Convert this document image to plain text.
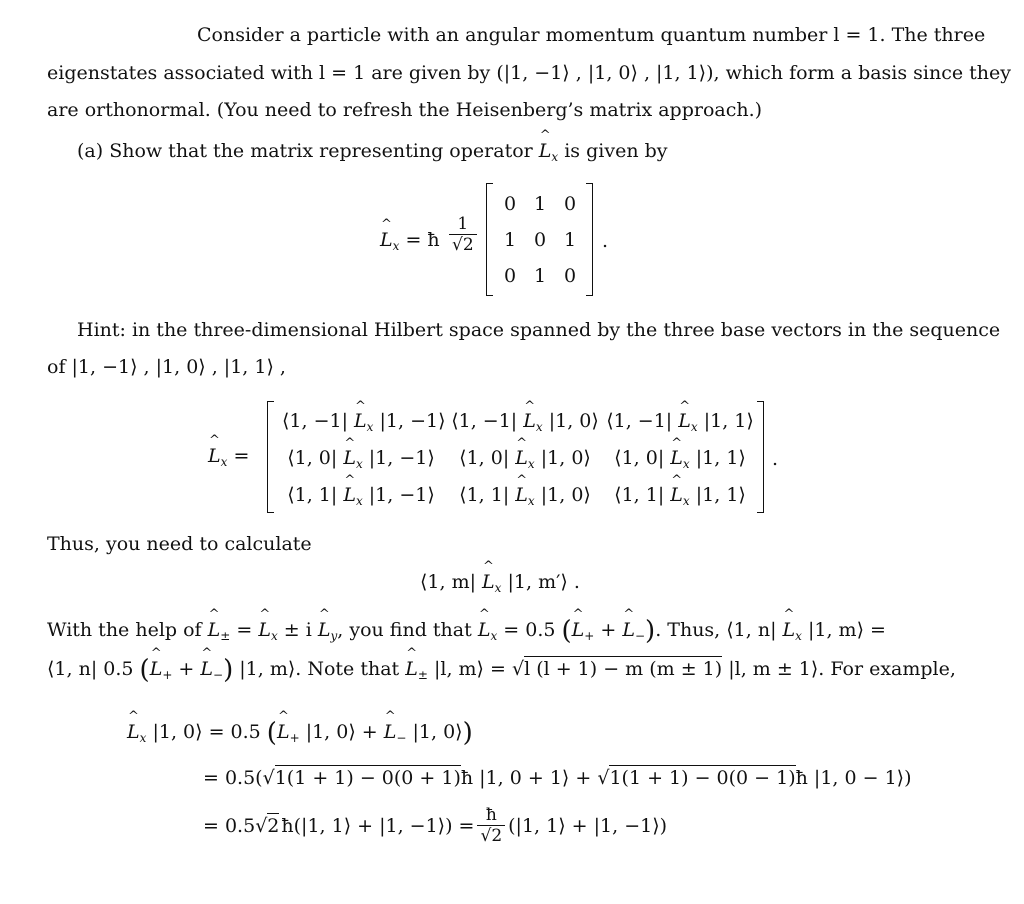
Consider a particle with an angular momentum quantum number l = 1. The three
eigenstates associated with l = 1 are given by (|1, −1⟩ , |1, 0⟩ , |1, 1⟩), which form a basis since they
are orthonormal. (You need to refresh the Heisenberg’s matrix approach.)
(a) Show that the matrix representing operator ^ $L_x$ is given by
^ $L_x$ = ħ $\frac{1}{√2}$
0 1 0
1 0 1
0 1 0
.
Hint: in the three-dimensional Hilbert space spanned by the three base vectors in the sequence
of |1, −1⟩ , |1, 0⟩ , |1, 1⟩ ,
^ $L_x$ =
⟨1, −1| ^ $L_x$ |1, −1⟩ ⟨1, −1| ^ $L_x$ |1, 0⟩ ⟨1, −1| ^ $L_x$ |1, 1⟩
⟨1, 0| ^ $L_x$ |1, −1⟩	⟨1, 0| ^ $L_x$ |1, 0⟩	⟨1, 0| ^ $L_x$ |1, 1⟩
⟨1, 1| ^ $L_x$ |1, −1⟩	⟨1, 1| ^ $L_x$ |1, 0⟩	⟨1, 1| ^ $L_x$ |1, 1⟩
.
Thus, you need to calculate
⟨1, m| ^ $L_x$ |1, m′⟩ .
With the help of ^ $L_\pm$ = ^ $L_x \pm i$ ^ $L_y$, you find that ^ $L_x = 0.5$ (^ $L_+$ + ^ $L_-$). Thus, ⟨1, n| ^ $L_x$ |1, m⟩ =
⟨1, n| 0.5 (^ $L_+$ + ^ $L_-$) |1, m⟩. Note that ^ $L_\pm$ |l, m⟩ = √l (l + 1) − m (m ± 1) |l, m ± 1⟩. For example,
^ $L_x$ |1, 0⟩ = 0.5 (^ $L_+$ |1, 0⟩ + ^ $L_-$ |1, 0⟩)
= 0.5(√1(1 + 1) − 0(0 + 1)ħ |1, 0 + 1⟩ + √1(1 + 1) − 0(0 − 1)ħ |1, 0 − 1⟩)
= 0.5 √2 ħ(|1, 1⟩ + |1, −1⟩) = $\frac{ħ}{√2} (|1$, 1⟩ + |1, −1⟩)
